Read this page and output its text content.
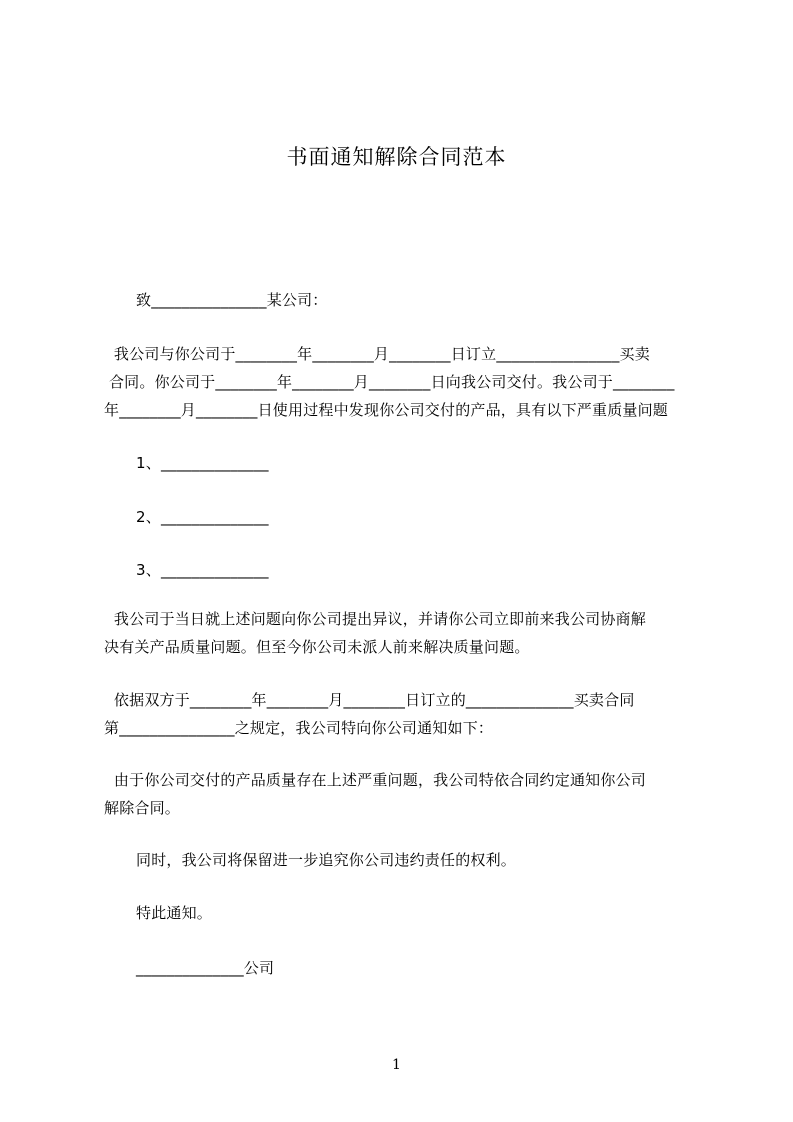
书面通知解除合同范本
致_______________某公司：
我公司与你公司于________年________月________日订立________________买卖
合同。你公司于________年________月________日向我公司交付。我公司于________
年________月________日使用过程中发现你公司交付的产品，具有以下严重质量问题
1、______________
2、______________
3、______________
我公司于当日就上述问题向你公司提出异议，并请你公司立即前来我公司协商解
决有关产品质量问题。但至今你公司未派人前来解决质量问题。
依据双方于________年________月________日订立的______________买卖合同
第_______________之规定，我公司特向你公司通知如下：
由于你公司交付的产品质量存在上述严重问题，我公司特依合同约定通知你公司
解除合同。
同时，我公司将保留进一步追究你公司违约责任的权利。
特此通知。
______________公司
1
